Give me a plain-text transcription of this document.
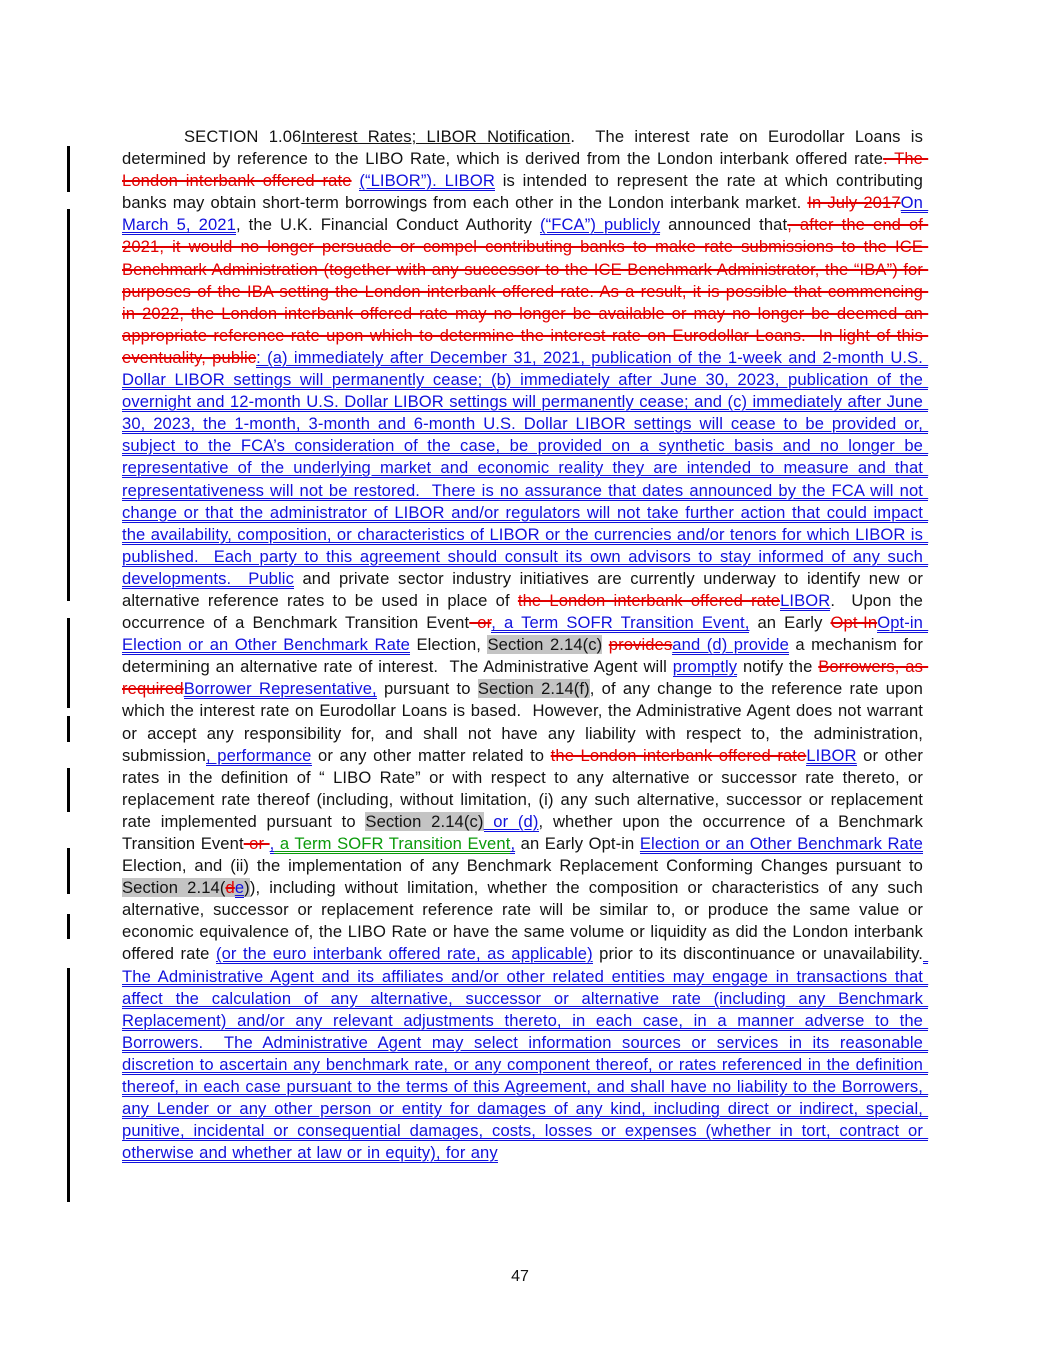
SECTION 1.06Interest Rates; LIBOR Notification.  The interest rate on Eurodollar Loans is determined by reference to the LIBO Rate, which is derived from the London interbank offered rate. The London interbank offered rate (“LIBOR”). LIBOR is intended to represent the rate at which contributing banks may obtain short-term borrowings from each other in the London interbank market. In July 2017On March 5, 2021, the U.K. Financial Conduct Authority (“FCA”) publicly announced that, after the end of 2021, it would no longer persuade or compel contributing banks to make rate submissions to the ICE Benchmark Administration (together with any successor to the ICE Benchmark Administrator, the “IBA”) for purposes of the IBA setting the London interbank offered rate. As a result, it is possible that commencing in 2022, the London interbank offered rate may no longer be available or may no longer be deemed an appropriate reference rate upon which to determine the interest rate on Eurodollar Loans.  In light of this eventuality, public: (a) immediately after December 31, 2021, publication of the 1-week and 2-month U.S. Dollar LIBOR settings will permanently cease; (b) immediately after June 30, 2023, publication of the overnight and 12-month U.S. Dollar LIBOR settings will permanently cease; and (c) immediately after June 30, 2023, the 1-month, 3-month and 6-month U.S. Dollar LIBOR settings will cease to be provided or, subject to the FCA’s consideration of the case, be provided on a synthetic basis and no longer be representative of the underlying market and economic reality they are intended to measure and that representativeness will not be restored.  There is no assurance that dates announced by the FCA will not change or that the administrator of LIBOR and/or regulators will not take further action that could impact the availability, composition, or characteristics of LIBOR or the currencies and/or tenors for which LIBOR is published.  Each party to this agreement should consult its own advisors to stay informed of any such developments.  Public and private sector industry initiatives are currently underway to identify new or alternative reference rates to be used in place of the London interbank offered rateLIBOR.  Upon the occurrence of a Benchmark Transition Event or, a Term SOFR Transition Event, an Early Opt-InOpt-in Election or an Other Benchmark Rate Election, Section 2.14(c) providesand (d) provide a mechanism for determining an alternative rate of interest.  The Administrative Agent will promptly notify the Borrowers, as requiredBorrower Representative, pursuant to Section 2.14(f), of any change to the reference rate upon which the interest rate on Eurodollar Loans is based.  However, the Administrative Agent does not warrant or accept any responsibility for, and shall not have any liability with respect to, the administration, submission, performance or any other matter related to the London interbank offered rateLIBOR or other rates in the definition of “ LIBO Rate” or with respect to any alternative or successor rate thereto, or replacement rate thereof (including, without limitation, (i) any such alternative, successor or replacement rate implemented pursuant to Section 2.14(c) or (d), whether upon the occurrence of a Benchmark Transition Event or , a Term SOFR Transition Event, an Early Opt-in Election or an Other Benchmark Rate Election, and (ii) the implementation of any Benchmark Replacement Conforming Changes pursuant to Section 2.14(de)), including without limitation, whether the composition or characteristics of any such alternative, successor or replacement reference rate will be similar to, or produce the same value or economic equivalence of, the LIBO Rate or have the same volume or liquidity as did the London interbank offered rate (or the euro interbank offered rate, as applicable) prior to its discontinuance or unavailability. The Administrative Agent and its affiliates and/or other related entities may engage in transactions that affect the calculation of any alternative, successor or alternative rate (including any Benchmark Replacement) and/or any relevant adjustments thereto, in each case, in a manner adverse to the Borrowers.  The Administrative Agent may select information sources or services in its reasonable discretion to ascertain any benchmark rate, or any component thereof, or rates referenced in the definition thereof, in each case pursuant to the terms of this Agreement, and shall have no liability to the Borrowers, any Lender or any other person or entity for damages of any kind, including direct or indirect, special, punitive, incidental or consequential damages, costs, losses or expenses (whether in tort, contract or otherwise and whether at law or in equity), for any
47
